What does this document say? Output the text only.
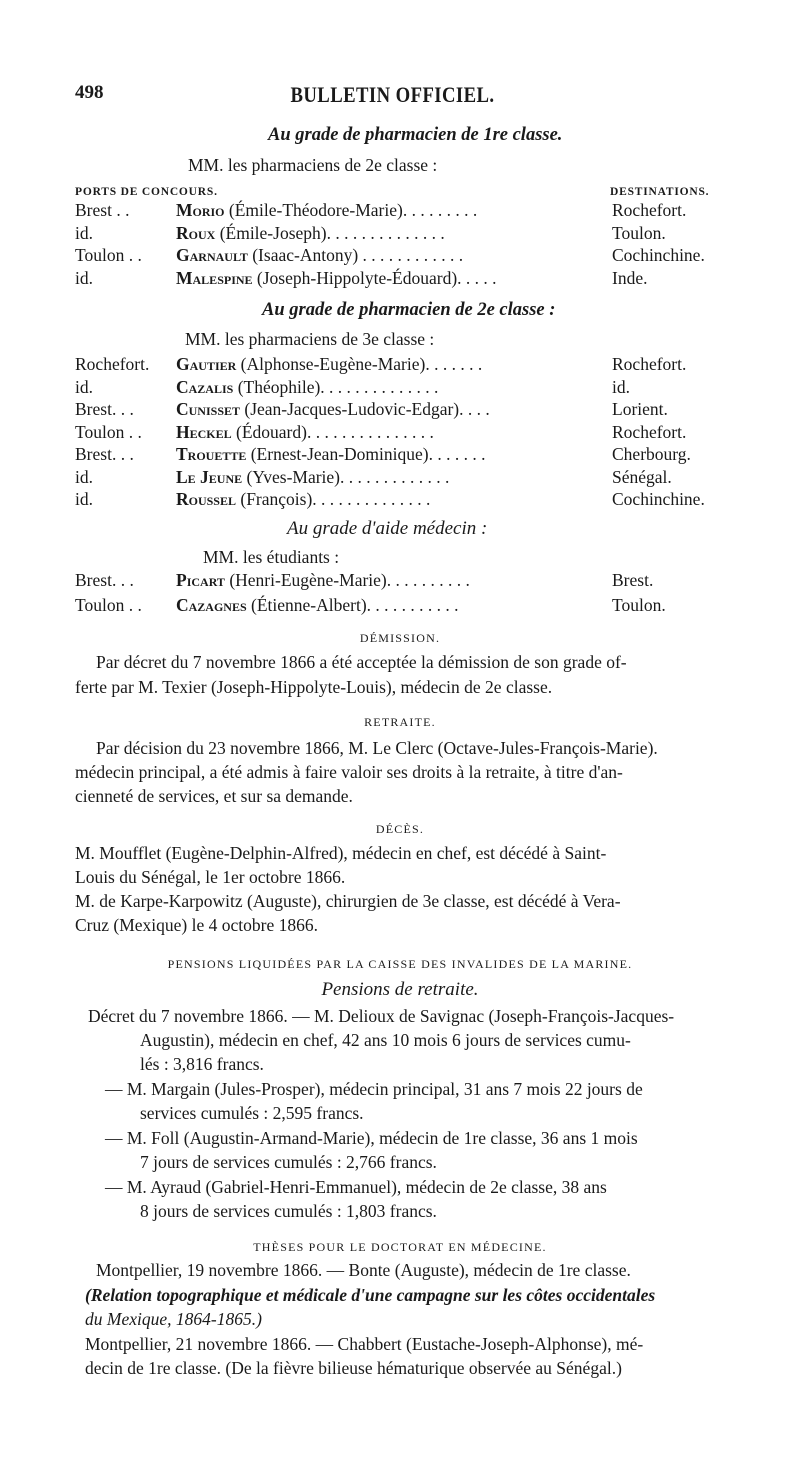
498	BULLETIN OFFICIEL.
Au grade de pharmacien de 1re classe.
MM. les pharmaciens de 2e classe :
PORTS DE CONCOURS.	DESTINATIONS.
Brest . .	Morio (Émile-Théodore-Marie). . . . . . . . .	Rochefort.
id.	Roux (Émile-Joseph). . . . . . . . . . . . . .	Toulon.
Toulon . . Garnault (Isaac-Antony) . . . . . . . . . . . .	Cochinchine.
id.	Malespine (Joseph-Hippolyte-Édouard). . . . .	Inde.
Au grade de pharmacien de 2e classe :
MM. les pharmaciens de 3e classe :
Rochefort. Gautier (Alphonse-Eugène-Marie). . . . . . .	Rochefort.
id.	Cazalis (Théophile). . . . . . . . . . . . . .	id.
Brest. . . Cunisset (Jean-Jacques-Ludovic-Edgar). . . .	Lorient.
Toulon . . Heckel (Édouard). . . . . . . . . . . . . . .	Rochefort.
Brest. . . Trouette (Ernest-Jean-Dominique). . . . . . .	Cherbourg.
id.	Le Jeune (Yves-Marie). . . . . . . . . . . . .	Sénégal.
id.	Roussel (François). . . . . . . . . . . . . .	Cochinchine.
Au grade d'aide médecin :
MM. les étudiants :
Brest. . . Picart (Henri-Eugène-Marie). . . . . . . . . .	Brest.
Toulon . . Cazagnes (Étienne-Albert). . . . . . . . . . .	Toulon.
DÉMISSION.
Par décret du 7 novembre 1866 a été acceptée la démission de son grade of-
ferte par M. Texier (Joseph-Hippolyte-Louis), médecin de 2e classe.
RETRAITE.
Par décision du 23 novembre 1866, M. Le Clerc (Octave-Jules-François-Marie).
médecin principal, a été admis à faire valoir ses droits à la retraite, à titre d'an-
cienneté de services, et sur sa demande.
DÉCÈS.
M. Moufflet (Eugène-Delphin-Alfred), médecin en chef, est décédé à Saint-
Louis du Sénégal, le 1er octobre 1866.
M. de Karpe-Karpowitz (Auguste), chirurgien de 3e classe, est décédé à Vera-
Cruz (Mexique) le 4 octobre 1866.
PENSIONS LIQUIDÉES PAR LA CAISSE DES INVALIDES DE LA MARINE.
Pensions de retraite.
Décret du 7 novembre 1866. — M. Delioux de Savignac (Joseph-François-Jacques-
Augustin), médecin en chef, 42 ans 10 mois 6 jours de services cumu-
lés : 3,816 francs.
— M. Margain (Jules-Prosper), médecin principal, 31 ans 7 mois 22 jours de
services cumulés : 2,595 francs.
— M. Foll (Augustin-Armand-Marie), médecin de 1re classe, 36 ans 1 mois
7 jours de services cumulés : 2,766 francs.
— M. Ayraud (Gabriel-Henri-Emmanuel), médecin de 2e classe, 38 ans
8 jours de services cumulés : 1,803 francs.
THÈSES POUR LE DOCTORAT EN MÉDECINE.
Montpellier, 19 novembre 1866. — Bonte (Auguste), médecin de 1re classe.
(Relation topographique et médicale d'une campagne sur les côtes occidentales
du Mexique, 1864-1865.)
Montpellier, 21 novembre 1866. — Chabbert (Eustache-Joseph-Alphonse), mé-
decin de 1re classe. (De la fièvre bilieuse hématurique observée au Sénégal.)
